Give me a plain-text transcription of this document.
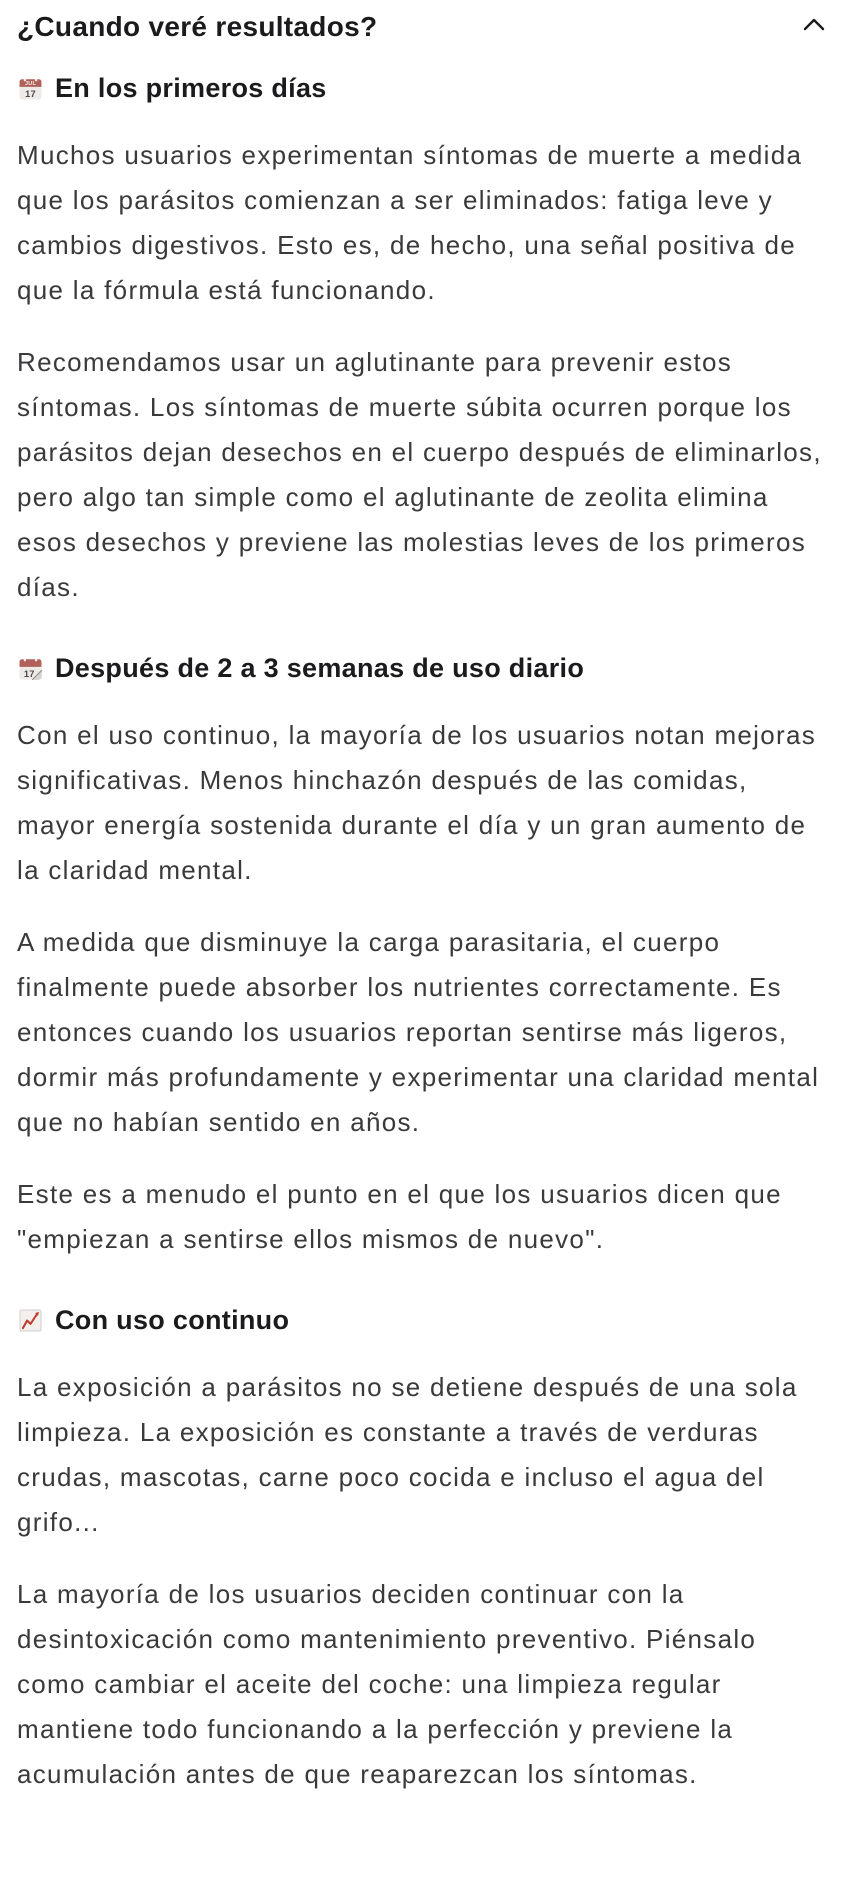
¿Cuando veré resultados?
JUL
17 En los primeros días

Muchos usuarios experimentan síntomas de muerte a medida que los parásitos comienzan a ser eliminados: fatiga leve y cambios digestivos. Esto es, de hecho, una señal positiva de que la fórmula está funcionando.

Recomendamos usar un aglutinante para prevenir estos síntomas. Los síntomas de muerte súbita ocurren porque los parásitos dejan desechos en el cuerpo después de eliminarlos, pero algo tan simple como el aglutinante de zeolita elimina esos desechos y previene las molestias leves de los primeros días.

17 Después de 2 a 3 semanas de uso diario

Con el uso continuo, la mayoría de los usuarios notan mejoras significativas. Menos hinchazón después de las comidas, mayor energía sostenida durante el día y un gran aumento de la claridad mental.

A medida que disminuye la carga parasitaria, el cuerpo finalmente puede absorber los nutrientes correctamente. Es entonces cuando los usuarios reportan sentirse más ligeros, dormir más profundamente y experimentar una claridad mental que no habían sentido en años.

Este es a menudo el punto en el que los usuarios dicen que "empiezan a sentirse ellos mismos de nuevo".

Con uso continuo

La exposición a parásitos no se detiene después de una sola limpieza. La exposición es constante a través de verduras crudas, mascotas, carne poco cocida e incluso el agua del grifo...

La mayoría de los usuarios deciden continuar con la desintoxicación como mantenimiento preventivo. Piénsalo como cambiar el aceite del coche: una limpieza regular mantiene todo funcionando a la perfección y previene la acumulación antes de que reaparezcan los síntomas.
